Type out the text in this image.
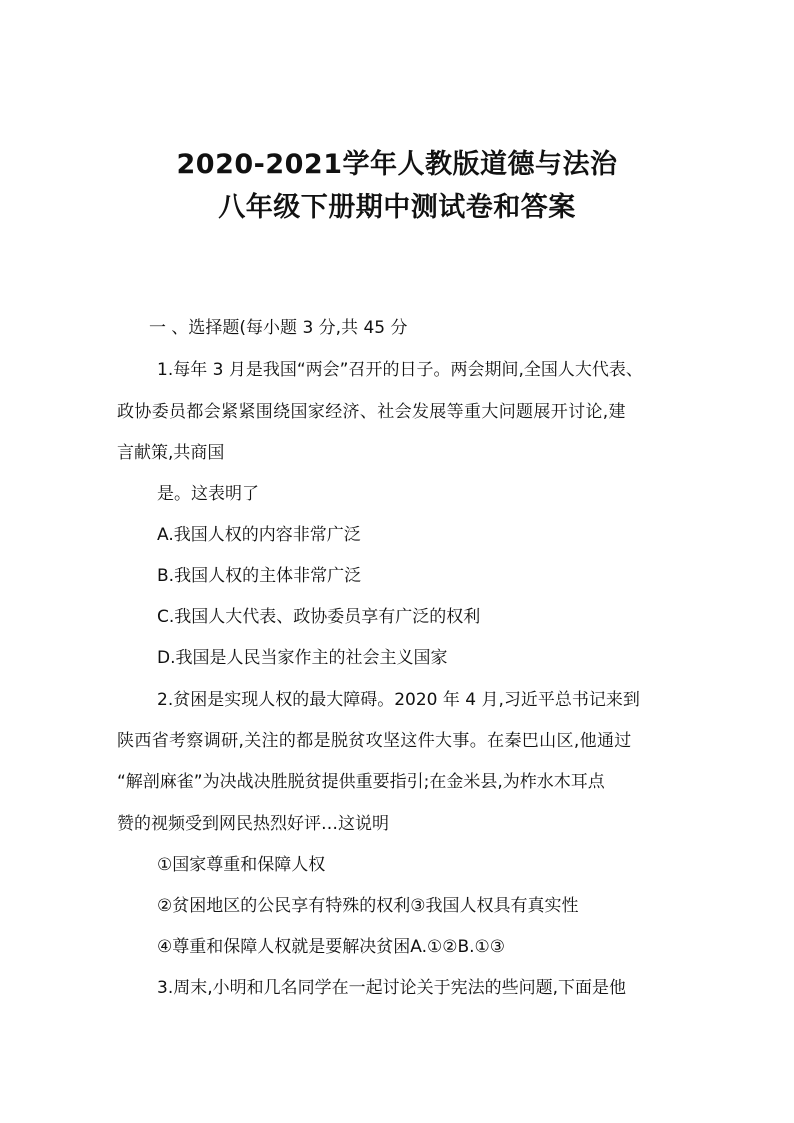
2020-2021学年人教版道德与法治
八年级下册期中测试卷和答案
一 、选择题(每小题 3 分,共 45 分
1.每年 3 月是我国“两会”召开的日子。两会期间,全国人大代表、
政协委员都会紧紧围绕国家经济、社会发展等重大问题展开讨论,建
言献策,共商国
是。这表明了
A.我国人权的内容非常广泛
B.我国人权的主体非常广泛
C.我国人大代表、政协委员享有广泛的权利
D.我国是人民当家作主的社会主义国家
2.贫困是实现人权的最大障碍。2020 年 4 月,习近平总书记来到
陕西省考察调研,关注的都是脱贫攻坚这件大事。在秦巴山区,他通过
“解剖麻雀”为决战决胜脱贫提供重要指引;在金米县,为柞水木耳点
赞的视频受到网民热烈好评…这说明
①国家尊重和保障人权
②贫困地区的公民享有特殊的权利③我国人权具有真实性
④尊重和保障人权就是要解决贫困A.①②B.①③
3.周末,小明和几名同学在一起讨论关于宪法的些问题,下面是他
